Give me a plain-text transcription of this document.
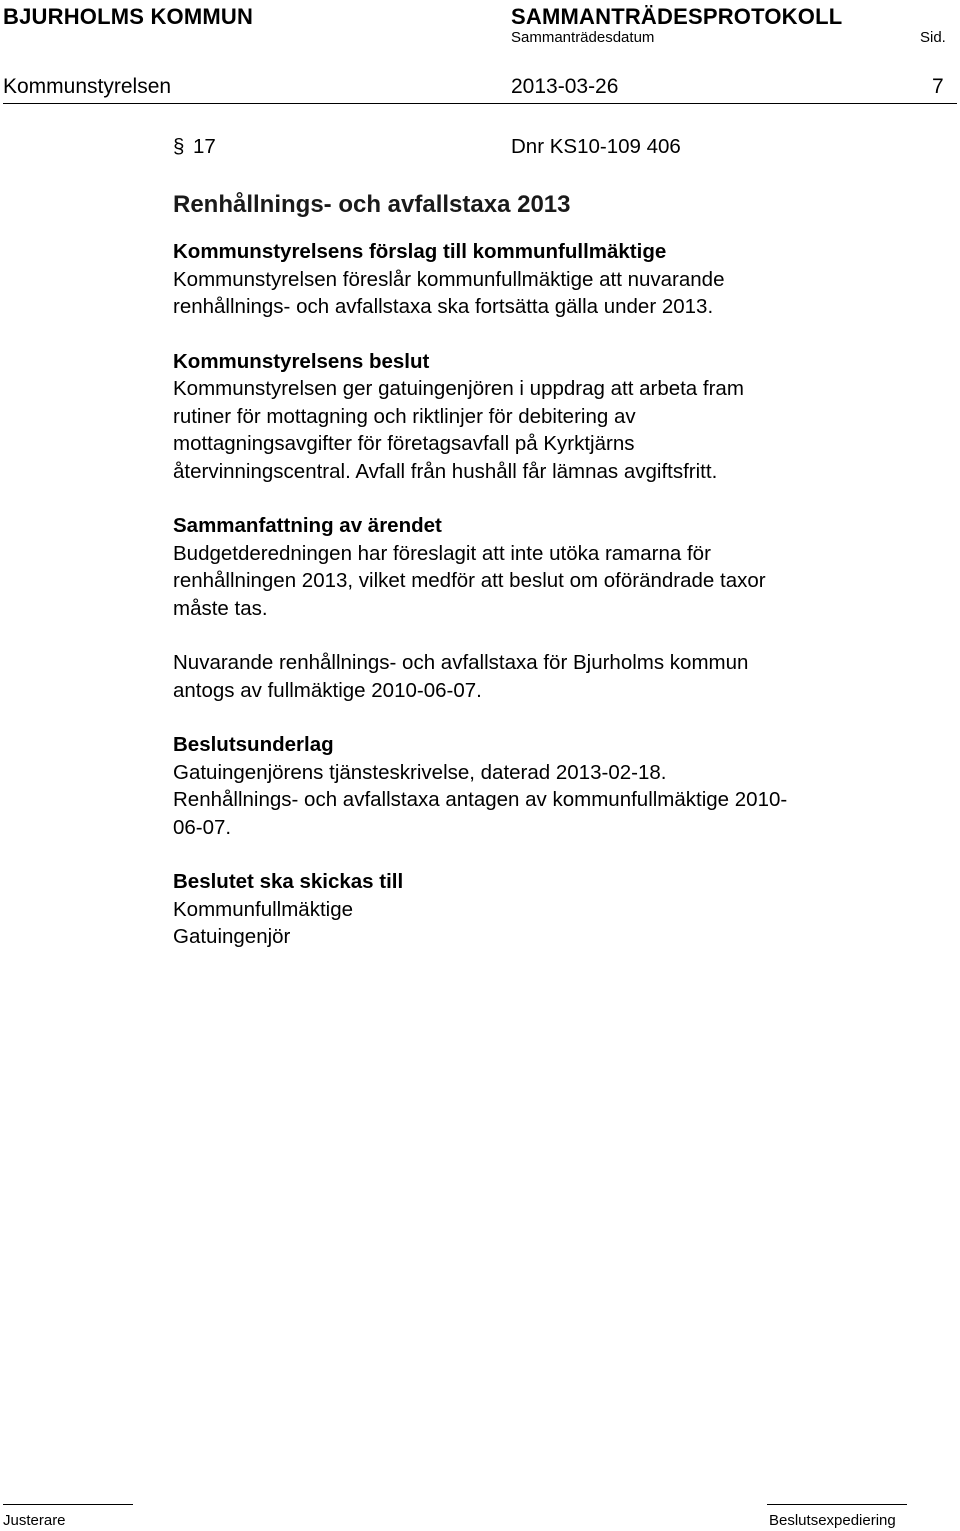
BJURHOLMS KOMMUN	SAMMANTRÄDESPROTOKOLL
Sammanträdesdatum	Sid.
Kommunstyrelsen	2013-03-26	7
§ 17	Dnr KS10-109 406
Renhållnings- och avfallstaxa 2013
Kommunstyrelsens förslag till kommunfullmäktige
Kommunstyrelsen föreslår kommunfullmäktige att nuvarande
renhållnings- och avfallstaxa ska fortsätta gälla under 2013.
Kommunstyrelsens beslut
Kommunstyrelsen ger gatuingenjören i uppdrag att arbeta fram
rutiner för mottagning och riktlinjer för debitering av
mottagningsavgifter för företagsavfall på Kyrktjärns
återvinningscentral. Avfall från hushåll får lämnas avgiftsfritt.
Sammanfattning av ärendet
Budgetderedningen har föreslagit att inte utöka ramarna för
renhållningen 2013, vilket medför att beslut om oförändrade taxor
måste tas.
Nuvarande renhållnings- och avfallstaxa för Bjurholms kommun
antogs av fullmäktige 2010-06-07.
Beslutsunderlag
Gatuingenjörens tjänsteskrivelse, daterad 2013-02-18.
Renhållnings- och avfallstaxa antagen av kommunfullmäktige 2010-
06-07.
Beslutet ska skickas till
Kommunfullmäktige
Gatuingenjör
Justerare	Beslutsexpediering
